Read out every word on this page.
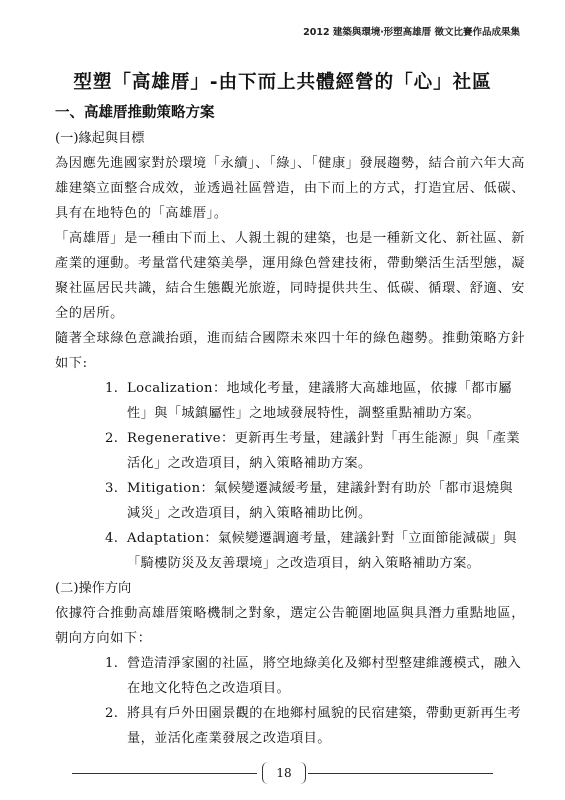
2012 建築與環境‧形塑高雄厝 徵文比賽作品成果集
型塑「高雄厝」-由下而上共體經營的「心」社區
一、高雄厝推動策略方案
(一)緣起與目標

為因應先進國家對於環境「永續」、「綠」、「健康」發展趨勢，結合前六年大高雄建築立面整合成效，並透過社區營造，由下而上的方式，打造宜居、低碳、具有在地特色的「高雄厝」。

「高雄厝」是一種由下而上、人親土親的建築，也是一種新文化、新社區、新產業的運動。考量當代建築美學，運用綠色營建技術，帶動樂活生活型態，凝聚社區居民共識，結合生態觀光旅遊，同時提供共生、低碳、循環、舒適、安全的居所。

隨著全球綠色意識抬頭，進而結合國際未來四十年的綠色趨勢。推動策略方針如下:

1. Localization：地域化考量，建議將大高雄地區，依據「都市屬性」與「城鎮屬性」之地域發展特性，調整重點補助方案。
2. Regenerative：更新再生考量，建議針對「再生能源」與「產業活化」之改造項目，納入策略補助方案。
3. Mitigation：氣候變遷減緩考量，建議針對有助於「都市退燒與減災」之改造項目，納入策略補助比例。
4. Adaptation：氣候變遷調適考量，建議針對「立面節能減碳」與「騎樓防災及友善環境」之改造項目，納入策略補助方案。
(二)操作方向

依據符合推動高雄厝策略機制之對象，選定公告範圍地區與具潛力重點地區，朝向方向如下：

1. 營造清淨家園的社區，將空地綠美化及鄉村型整建維護模式，融入在地文化特色之改造項目。
2. 將具有戶外田園景觀的在地鄉村風貌的民宿建築，帶動更新再生考量，並活化產業發展之改造項目。
18
